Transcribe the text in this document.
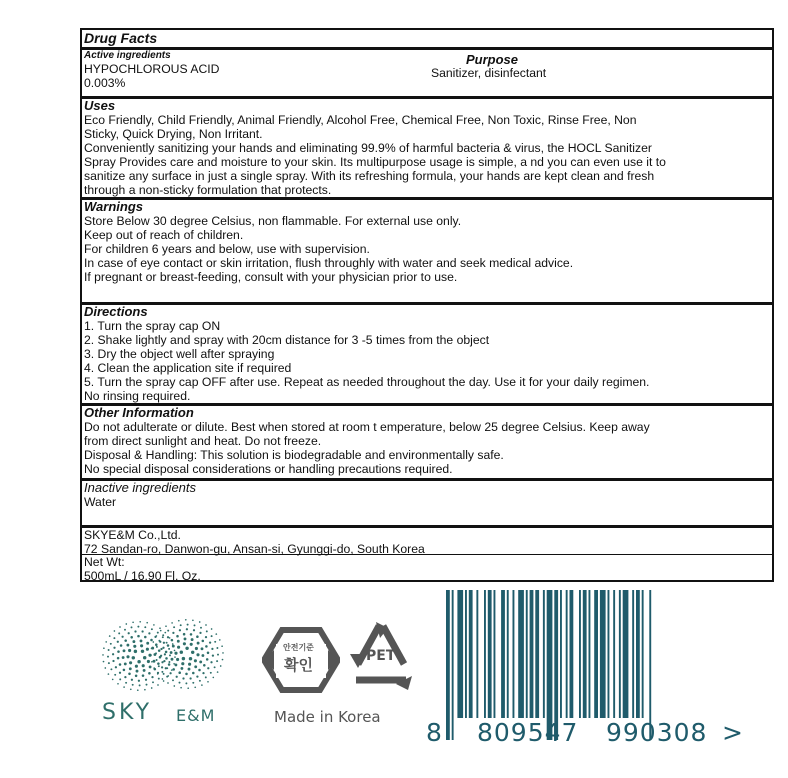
Drug Facts
Active ingredients
HYPOCHLOROUS ACID
0.003%
Purpose
Sanitizer, disinfectant
Uses
Eco Friendly, Child Friendly, Animal Friendly, Alcohol Free, Chemical Free, Non Toxic, Rinse Free, Non
Sticky, Quick Drying, Non Irritant.
Conveniently sanitizing your hands and eliminating 99.9% of harmful bacteria & virus, the HOCL Sanitizer
Spray Provides care and moisture to your skin. Its multipurpose usage is simple, a nd you can even use it to
sanitize any surface in just a single spray. With its refreshing formula, your hands are kept clean and fresh
through a non-sticky formulation that protects.
Warnings
Store Below 30 degree Celsius, non flammable. For external use only.
Keep out of reach of children.
For children 6 years and below, use with supervision.
In case of eye contact or skin irritation, flush throughly with water and seek medical advice.
If pregnant or breast-feeding, consult with your physician prior to use.
Directions
1. Turn the spray cap ON
2. Shake lightly and spray with 20cm distance for 3 -5 times from the object
3. Dry the object well after spraying
4. Clean the application site if required
5. Turn the spray cap OFF after use. Repeat as needed throughout the day. Use it for your daily regimen.
No rinsing required.
Other Information
Do not adulterate or dilute. Best when stored at room t emperature, below 25 degree Celsius. Keep away
from direct sunlight and heat. Do not freeze.
Disposal & Handling: This solution is biodegradable and environmentally safe.
No special disposal considerations or handling precautions required.
Inactive ingredients
Water
SKYE&M Co.,Ltd.
72 Sandan-ro, Danwon-gu, Ansan-si, Gyunggi-do, South Korea
Net Wt:
500mL / 16.90 Fl. Oz.
SKY E&M
안전기준
확인	PET
Made in Korea
8 809547 990308 >
